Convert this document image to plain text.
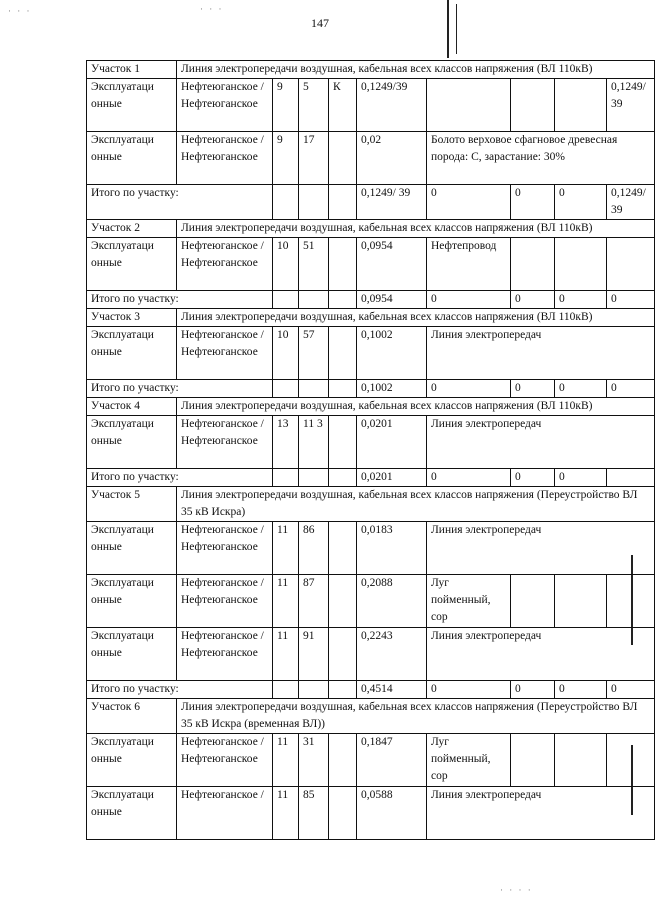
147
· · ·	· · ·
· · · ·
Участок 1	Линия электропередачи воздушная, кабельная всех классов напряжения (ВЛ 110кВ)								
Эксплуатаци онные	Нефтеюганское / Нефтеюганское	9	5	К	0,1249/39				0,1249/ 39
Эксплуатаци онные	Нефтеюганское / Нефтеюганское	9	17		0,02	Болото верховое сфагновое древесная порода: С, зарастание: 30%			
Итого по участку:					0,1249/ 39	0	0	0	0,1249/ 39
Участок 2	Линия электропередачи воздушная, кабельная всех классов напряжения (ВЛ 110кВ)								
Эксплуатаци онные	Нефтеюганское / Нефтеюганское	10	51		0,0954	Нефтепровод			
Итого по участку:					0,0954	0	0	0	0
Участок 3	Линия электропередачи воздушная, кабельная всех классов напряжения (ВЛ 110кВ)								
Эксплуатаци онные	Нефтеюганское / Нефтеюганское	10	57		0,1002	Линия электропередач			
Итого по участку:					0,1002	0	0	0	0
Участок 4	Линия электропередачи воздушная, кабельная всех классов напряжения (ВЛ 110кВ)								
Эксплуатаци онные	Нефтеюганское / Нефтеюганское	13	11 3		0,0201	Линия электропередач			
Итого по участку:					0,0201	0	0	0	
Участок 5	Линия электропередачи воздушная, кабельная всех классов напряжения (Переустройство ВЛ 35 кВ Искра)								
Эксплуатаци онные	Нефтеюганское / Нефтеюганское	11	86		0,0183	Линия электропередач			
Эксплуатаци онные	Нефтеюганское / Нефтеюганское	11	87		0,2088	Луг пойменный, сор			
Эксплуатаци онные	Нефтеюганское / Нефтеюганское	11	91		0,2243	Линия электропередач			
Итого по участку:					0,4514	0	0	0	0
Участок 6	Линия электропередачи воздушная, кабельная всех классов напряжения (Переустройство ВЛ 35 кВ Искра (временная ВЛ))								
Эксплуатаци онные	Нефтеюганское / Нефтеюганское	11	31		0,1847	Луг пойменный, сор			
Эксплуатаци онные	Нефтеюганское /	11	85		0,0588	Линия электропередач			
